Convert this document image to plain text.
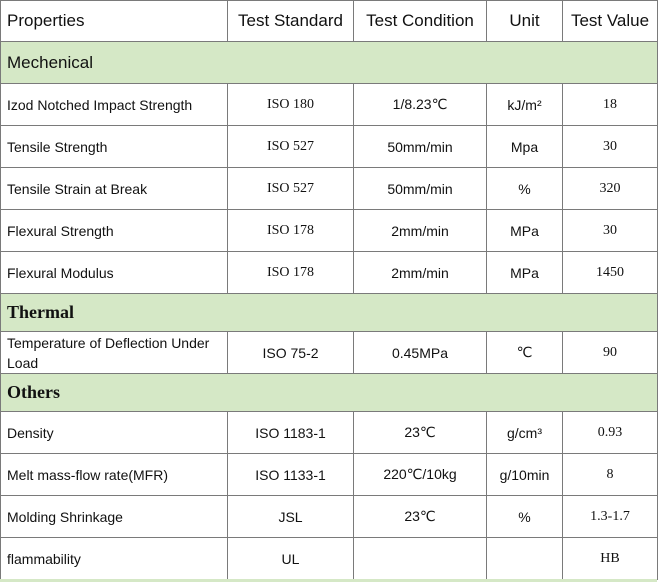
Properties	Test Standard	Test Condition	Unit	Test Value
Mechenical				
Izod Notched Impact Strength	ISO 180	1/8.23℃	kJ/m²	18
Tensile Strength	ISO 527	50mm/min	Mpa	30
Tensile Strain at Break	ISO 527	50mm/min	%	320
Flexural Strength	ISO 178	2mm/min	MPa	30
Flexural Modulus	ISO 178	2mm/min	MPa	1450
Thermal				
Temperature of Deflection Under Load	ISO 75-2	0.45MPa	℃	90
Others				
Density	ISO 1183-1	23℃	g/cm³	0.93
Melt mass-flow rate(MFR)	ISO 1133-1	220℃/10kg	g/10min	8
Molding Shrinkage	JSL	23℃	%	1.3-1.7
flammability	UL			HB
